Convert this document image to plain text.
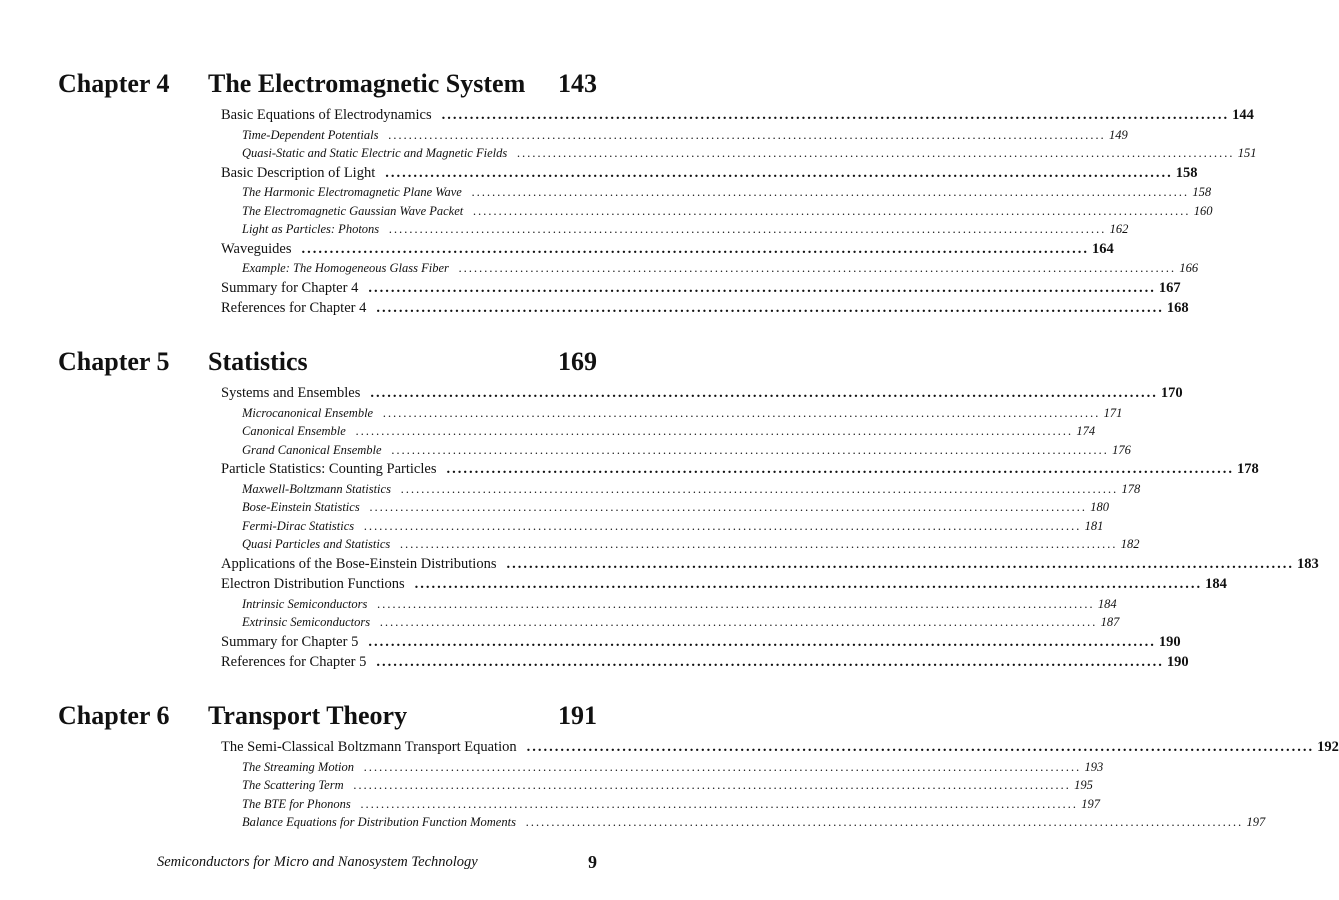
Chapter 4 The Electromagnetic System 143
Basic Equations of Electrodynamics ............................................................................................................................................ 144
Time-Dependent Potentials ............................................................................................................................................ 149
Quasi-Static and Static Electric and Magnetic Fields ............................................................................................................................................ 151
Basic Description of Light ............................................................................................................................................ 158
The Harmonic Electromagnetic Plane Wave ............................................................................................................................................ 158
The Electromagnetic Gaussian Wave Packet ............................................................................................................................................ 160
Light as Particles: Photons ............................................................................................................................................ 162
Waveguides ............................................................................................................................................ 164
Example: The Homogeneous Glass Fiber ............................................................................................................................................ 166
Summary for Chapter 4 ............................................................................................................................................ 167
References for Chapter 4 ............................................................................................................................................ 168
Chapter 5 Statistics	169
Systems and Ensembles ............................................................................................................................................ 170
Microcanonical Ensemble ............................................................................................................................................ 171
Canonical Ensemble ............................................................................................................................................ 174
Grand Canonical Ensemble ............................................................................................................................................ 176
Particle Statistics: Counting Particles ............................................................................................................................................ 178
Maxwell-Boltzmann Statistics ............................................................................................................................................ 178
Bose-Einstein Statistics ............................................................................................................................................ 180
Fermi-Dirac Statistics ............................................................................................................................................ 181
Quasi Particles and Statistics ............................................................................................................................................ 182
Applications of the Bose-Einstein Distributions ............................................................................................................................................ 183
Electron Distribution Functions ............................................................................................................................................ 184
Intrinsic Semiconductors ............................................................................................................................................ 184
Extrinsic Semiconductors ............................................................................................................................................ 187
Summary for Chapter 5 ............................................................................................................................................ 190
References for Chapter 5 ............................................................................................................................................ 190
Chapter 6 Transport Theory	191
The Semi-Classical Boltzmann Transport Equation ............................................................................................................................................ 192
The Streaming Motion ............................................................................................................................................ 193
The Scattering Term ............................................................................................................................................ 195
The BTE for Phonons ............................................................................................................................................ 197
Balance Equations for Distribution Function Moments ............................................................................................................................................ 197
Semiconductors for Micro and Nanosystem Technology	9
